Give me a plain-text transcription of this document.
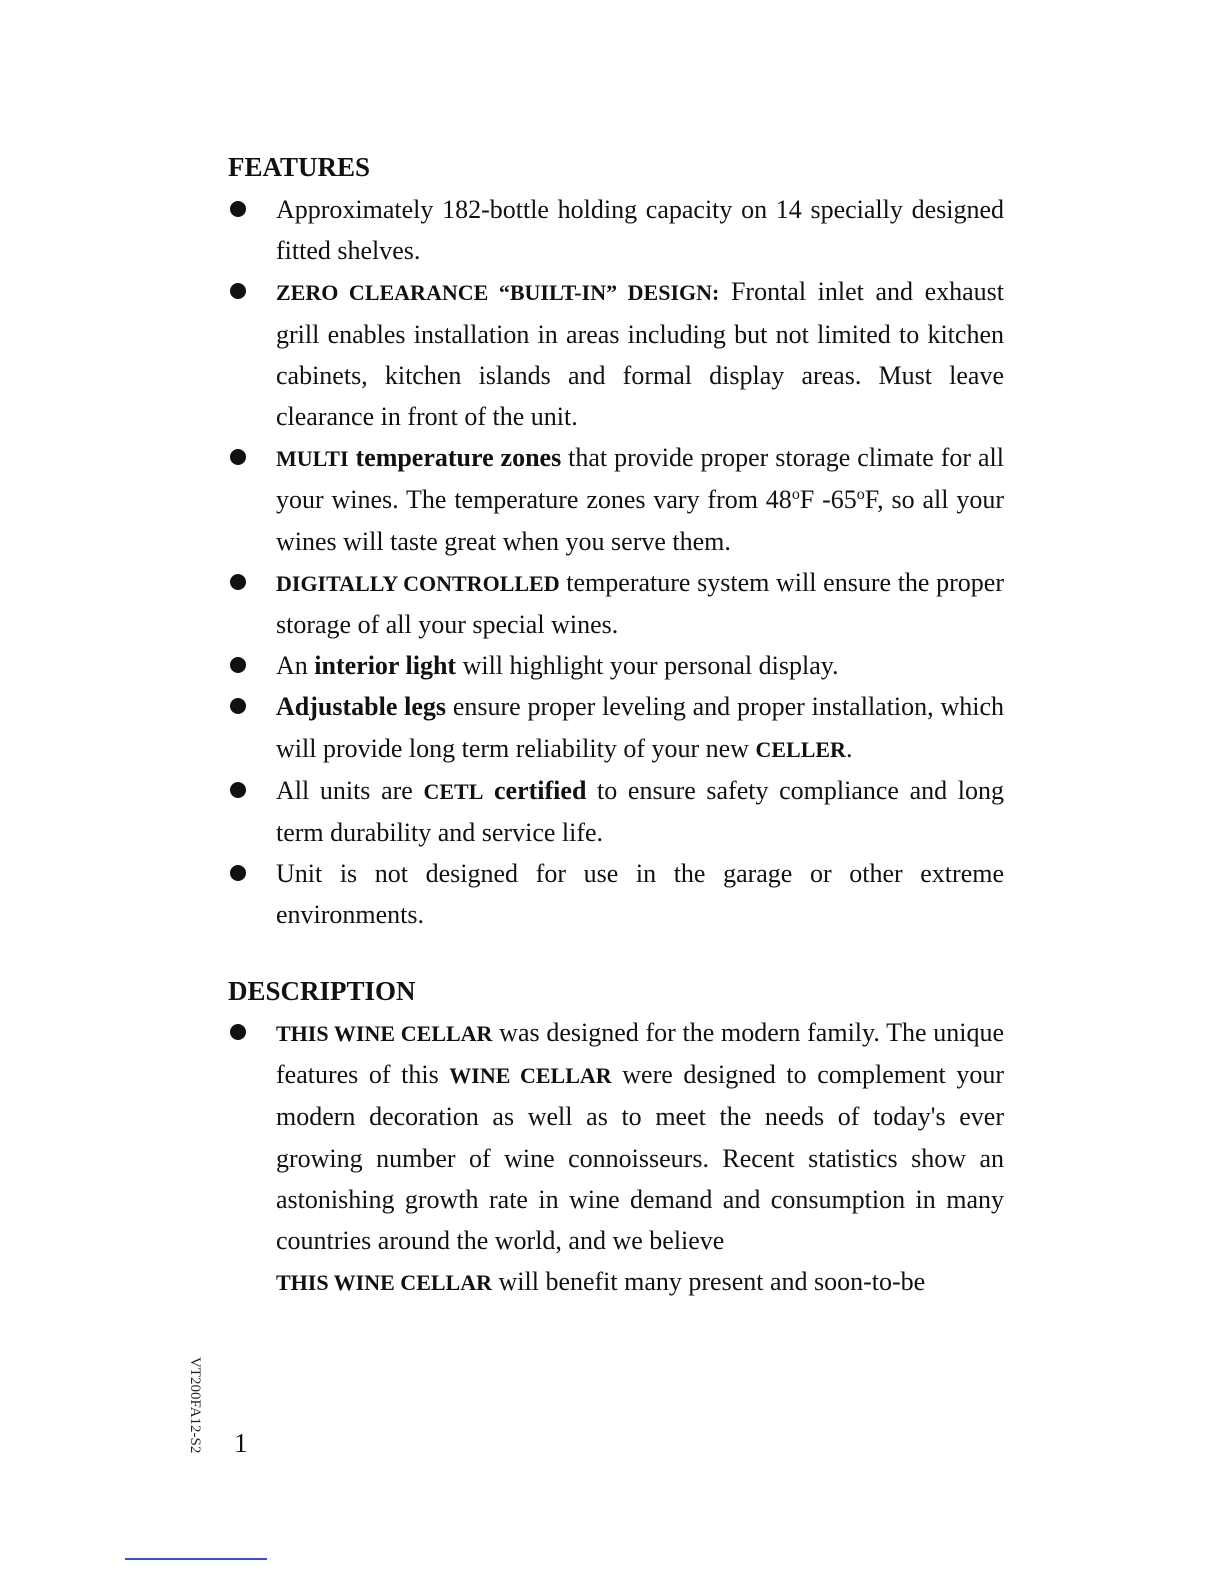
FEATURES
Approximately 182-bottle holding capacity on 14 specially designed fitted shelves.
ZERO CLEARANCE “BUILT-IN” DESIGN: Frontal inlet and exhaust grill enables installation in areas including but not limited to kitchen cabinets, kitchen islands and formal display areas. Must leave clearance in front of the unit.
MULTI temperature zones that provide proper storage climate for all your wines. The temperature zones vary from 48$^o$F -65$^o$F, so all your wines will taste great when you serve them.
DIGITALLY CONTROLLED temperature system will ensure the proper storage of all your special wines.
An interior light will highlight your personal display.
Adjustable legs ensure proper leveling and proper installation, which will provide long term reliability of your new CELLER.
All units are CETL certified to ensure safety compliance and long term durability and service life.
Unit is not designed for use in the garage or other extreme environments.
DESCRIPTION
THIS WINE CELLAR was designed for the modern family. The unique features of this WINE CELLAR were designed to complement your modern decoration as well as to meet the needs of today's ever growing number of wine connoisseurs. Recent statistics show an astonishing growth rate in wine demand and consumption in many countries around the world, and we believe
THIS WINE CELLAR will benefit many present and soon-to-be
VT200FA12-S2 1
